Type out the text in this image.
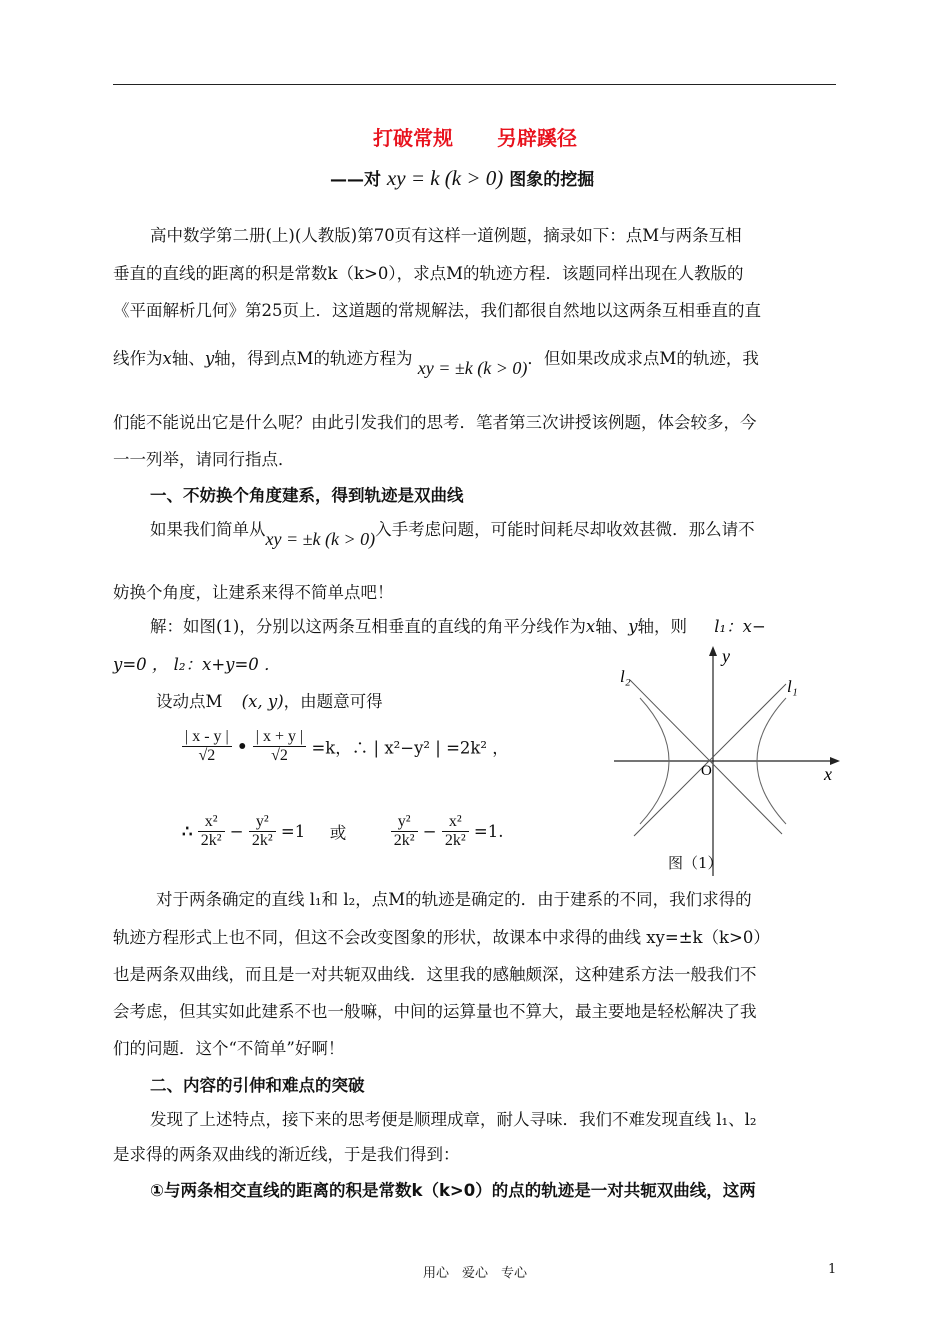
打破常规 另辟蹊径
——对 xy = k (k > 0) 图象的挖掘
高中数学第二册(上)(人教版)第70页有这样一道例题，摘录如下：点M与两条互相
垂直的直线的距离的积是常数k（k>0），求点M的轨迹方程．该题同样出现在人教版的
《平面解析几何》第25页上．这道题的常规解法，我们都很自然地以这两条互相垂直的直
线作为x轴、y轴，得到点M的轨迹方程为 xy = ±k (k > 0)．但如果改成求点M的轨迹，我
们能不能说出它是什么呢？由此引发我们的思考．笔者第三次讲授该例题，体会较多，今
一一列举，请同行指点．
一、不妨换个角度建系，得到轨迹是双曲线
如果我们简单从xy = ±k (k > 0)入手考虑问题，可能时间耗尽却收效甚微．那么请不
妨换个角度，让建系来得不简单点吧！
解：如图(1)，分别以这两条互相垂直的直线的角平分线作为x轴、y轴，则 l₁：x−
y=0 ， l₂：x+y=0 ．
设动点M (x, y)，由题意可得
$\frac{| x - y |}{√2}$ • $\frac{| x + y |}{√2} =k$，∴ | x²−y² | =2k² ，
∴ $\frac{\text{x²}}{\text{2k²}} - \frac{\text{y²}}{\text{2k²}} =1$ 或	$\frac{\text{y²}}{\text{2k²}} - \frac{\text{x²}}{\text{2k²}} =1$.
y
x
O
l₁
l₂
图（1）
对于两条确定的直线 l₁和 l₂，点M的轨迹是确定的．由于建系的不同，我们求得的
轨迹方程形式上也不同，但这不会改变图象的形状，故课本中求得的曲线 xy=±k（k>0）
也是两条双曲线，而且是一对共轭双曲线．这里我的感触颇深，这种建系方法一般我们不
会考虑，但其实如此建系不也一般嘛，中间的运算量也不算大，最主要地是轻松解决了我
们的问题．这个“不简单”好啊！
二、内容的引伸和难点的突破
发现了上述特点，接下来的思考便是顺理成章，耐人寻味．我们不难发现直线 l₁、l₂
是求得的两条双曲线的渐近线，于是我们得到：
①与两条相交直线的距离的积是常数k（k>0）的点的轨迹是一对共轭双曲线，这两
用心　爱心　专心	1
